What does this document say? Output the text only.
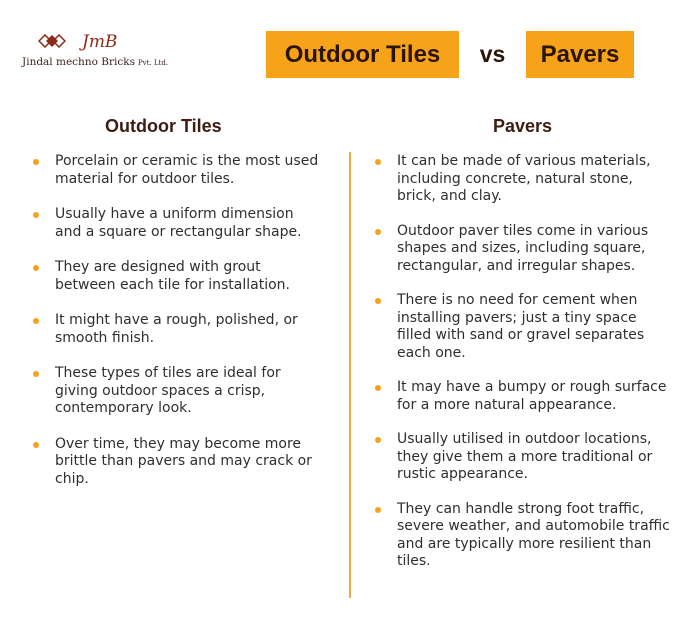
JmB
Jindal mechno Bricks Pvt. Ltd.	Outdoor Tiles	vs	Pavers
Outdoor Tiles	Pavers
Porcelain or ceramic is the most used material for outdoor tiles.
Usually have a uniform dimension and a square or rectangular shape.
They are designed with grout between each tile for installation.
It might have a rough, polished, or smooth finish.
These types of tiles are ideal for giving outdoor spaces a crisp, contemporary look.
Over time, they may become more brittle than pavers and may crack or chip.
It can be made of various materials, including concrete, natural stone, brick, and clay.
Outdoor paver tiles come in various shapes and sizes, including square, rectangular, and irregular shapes.
There is no need for cement when installing pavers; just a tiny space filled with sand or gravel separates each one.
It may have a bumpy or rough surface for a more natural appearance.
Usually utilised in outdoor locations, they give them a more traditional or rustic appearance.
They can handle strong foot traffic, severe weather, and automobile traffic and are typically more resilient than tiles.
